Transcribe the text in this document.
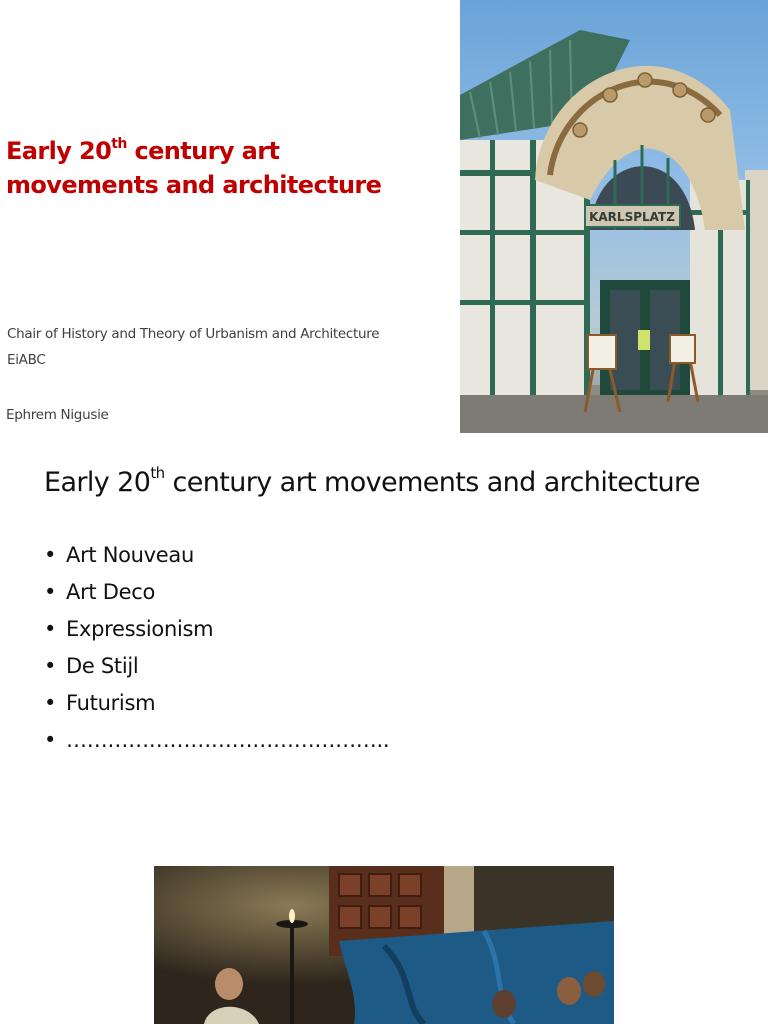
Early 20th century art
movements and architecture
Chair of History and Theory of Urbanism and Architecture
EiABC
Ephrem Nigusie
KARLSPLATZ
Early 20th century art movements and architecture
• Art Nouveau
• Art Deco
• Expressionism
• De Stijl
• Futurism
• ………………………………………..
